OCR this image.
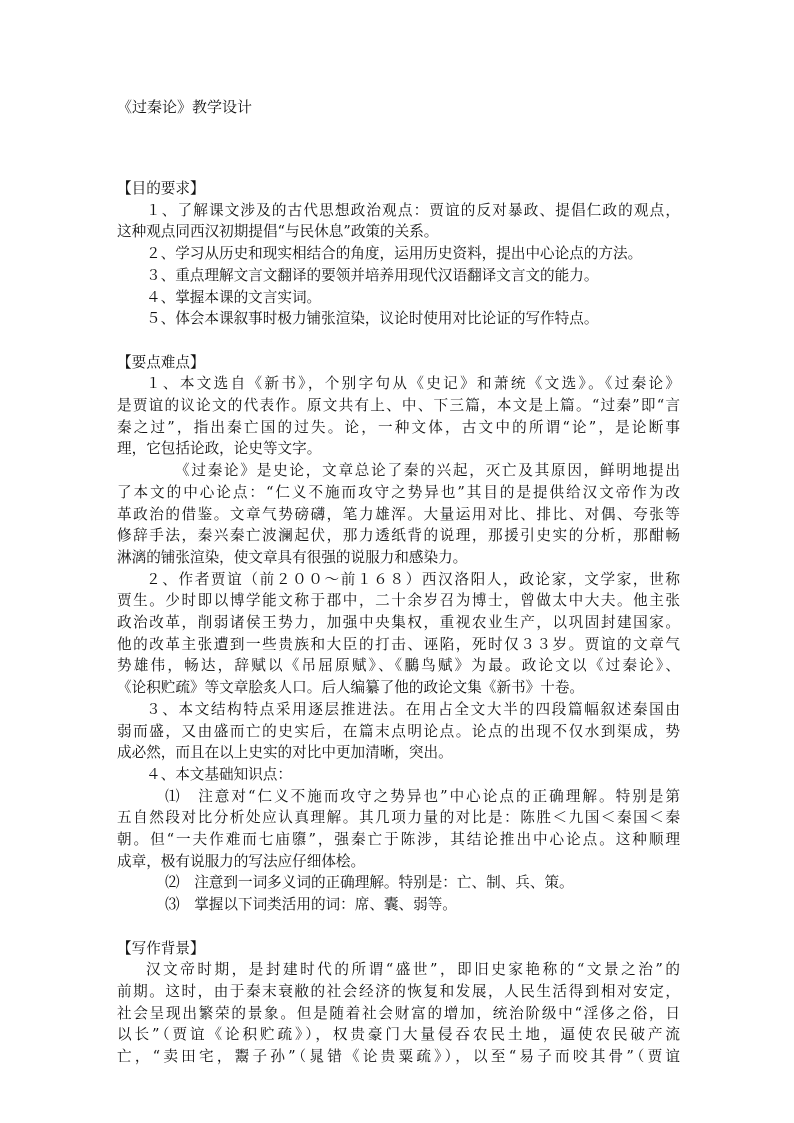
《过秦论》教学设计
【目的要求】
１、了解课文涉及的古代思想政治观点：贾谊的反对暴政、提倡仁政的观点，
这种观点同西汉初期提倡“与民休息”政策的关系。
２、学习从历史和现实相结合的角度，运用历史资料，提出中心论点的方法。
３、重点理解文言文翻译的要领并培养用现代汉语翻译文言文的能力。
４、掌握本课的文言实词。
５、体会本课叙事时极力铺张渲染，议论时使用对比论证的写作特点。
【要点难点】
１、本文选自《新书》，个别字句从《史记》和萧统《文选》。《过秦论》
是贾谊的议论文的代表作。原文共有上、中、下三篇，本文是上篇。“过秦”即“言
秦之过”，指出秦亡国的过失。论，一种文体，古文中的所谓“论”，是论断事
理，它包括论政，论史等文字。
《过秦论》是史论，文章总论了秦的兴起，灭亡及其原因，鲜明地提出
了本文的中心论点：“仁义不施而攻守之势异也”其目的是提供给汉文帝作为改
革政治的借鉴。文章气势磅礴，笔力雄浑。大量运用对比、排比、对偶、夸张等
修辞手法，秦兴秦亡波澜起伏，那力透纸背的说理，那援引史实的分析，那酣畅
淋漓的铺张渲染，使文章具有很强的说服力和感染力。
２、作者贾谊（前２００～前１６８）西汉洛阳人，政论家，文学家，世称
贾生。少时即以博学能文称于郡中，二十余岁召为博士，曾做太中大夫。他主张
政治改革，削弱诸侯王势力，加强中央集权，重视农业生产，以巩固封建国家。
他的改革主张遭到一些贵族和大臣的打击、诬陷，死时仅３３岁。贾谊的文章气
势雄伟，畅达，辞赋以《吊屈原赋》、《鵩鸟赋》为最。政论文以《过秦论》、
《论积贮疏》等文章脍炙人口。后人编纂了他的政论文集《新书》十卷。
３、本文结构特点采用逐层推进法。在用占全文大半的四段篇幅叙述秦国由
弱而盛，又由盛而亡的史实后，在篇末点明论点。论点的出现不仅水到渠成，势
成必然，而且在以上史实的对比中更加清晰，突出。
４、本文基础知识点：
⑴　注意对“仁义不施而攻守之势异也”中心论点的正确理解。特别是第
五自然段对比分析处应认真理解。其几项力量的对比是：陈胜＜九国＜秦国＜秦
朝。但“一夫作难而七庙隳”，强秦亡于陈涉，其结论推出中心论点。这种顺理
成章，极有说服力的写法应仔细体桧。
⑵　注意到一词多义词的正确理解。特别是：亡、制、兵、策。
⑶　掌握以下词类活用的词：席、囊、弱等。
【写作背景】
汉文帝时期，是封建时代的所谓“盛世”，即旧史家艳称的“文景之治”的
前期。这时，由于秦末衰敝的社会经济的恢复和发展，人民生活得到相对安定，
社会呈现出繁荣的景象。但是随着社会财富的增加，统治阶级中“淫侈之俗，日
以长”（贾谊《论积贮疏》），权贵豪门大量侵吞农民土地，逼使农民破产流
亡，“卖田宅，鬻子孙”（晁错《论贵粟疏》），以至“易子而咬其骨”（贾谊
